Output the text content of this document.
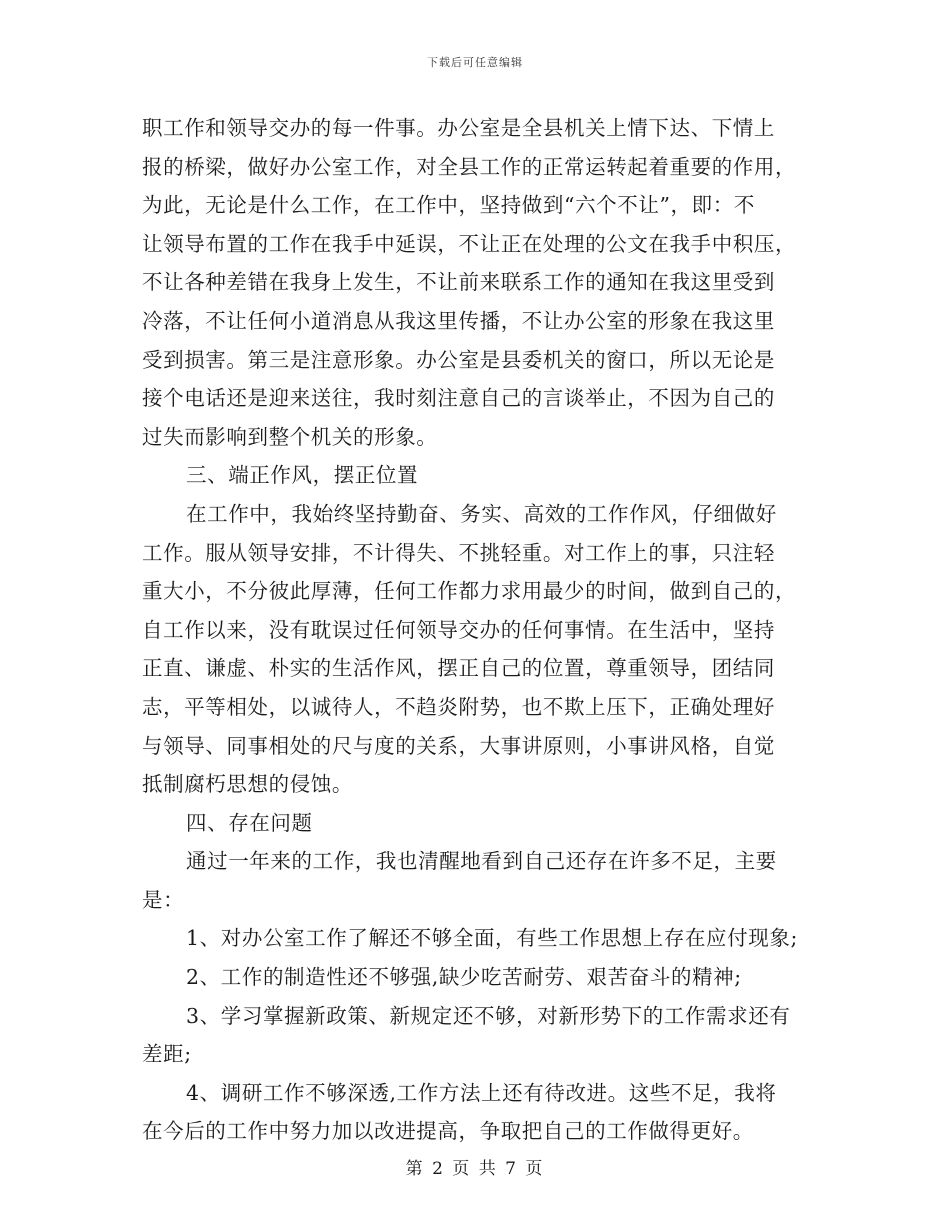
下载后可任意编辑
职工作和领导交办的每一件事。办公室是全县机关上情下达、下情上
报的桥梁，做好办公室工作，对全县工作的正常运转起着重要的作用，
为此，无论是什么工作，在工作中，坚持做到“六个不让”，即：不
让领导布置的工作在我手中延误，不让正在处理的公文在我手中积压，
不让各种差错在我身上发生，不让前来联系工作的通知在我这里受到
冷落，不让任何小道消息从我这里传播，不让办公室的形象在我这里
受到损害。第三是注意形象。办公室是县委机关的窗口，所以无论是
接个电话还是迎来送往，我时刻注意自己的言谈举止，不因为自己的
过失而影响到整个机关的形象。
三、端正作风，摆正位置
在工作中，我始终坚持勤奋、务实、高效的工作作风，仔细做好
工作。服从领导安排，不计得失、不挑轻重。对工作上的事，只注轻
重大小，不分彼此厚薄，任何工作都力求用最少的时间，做到自己的，
自工作以来，没有耽误过任何领导交办的任何事情。在生活中，坚持
正直、谦虚、朴实的生活作风，摆正自己的位置，尊重领导，团结同
志，平等相处，以诚待人，不趋炎附势，也不欺上压下，正确处理好
与领导、同事相处的尺与度的关系，大事讲原则，小事讲风格，自觉
抵制腐朽思想的侵蚀。
四、存在问题
通过一年来的工作，我也清醒地看到自己还存在许多不足，主要
是：
1、对办公室工作了解还不够全面，有些工作思想上存在应付现象;
2、工作的制造性还不够强,缺少吃苦耐劳、艰苦奋斗的精神;
3、学习掌握新政策、新规定还不够，对新形势下的工作需求还有
差距;
4、调研工作不够深透,工作方法上还有待改进。这些不足，我将
在今后的工作中努力加以改进提高，争取把自己的工作做得更好。
第 2 页 共 7 页
